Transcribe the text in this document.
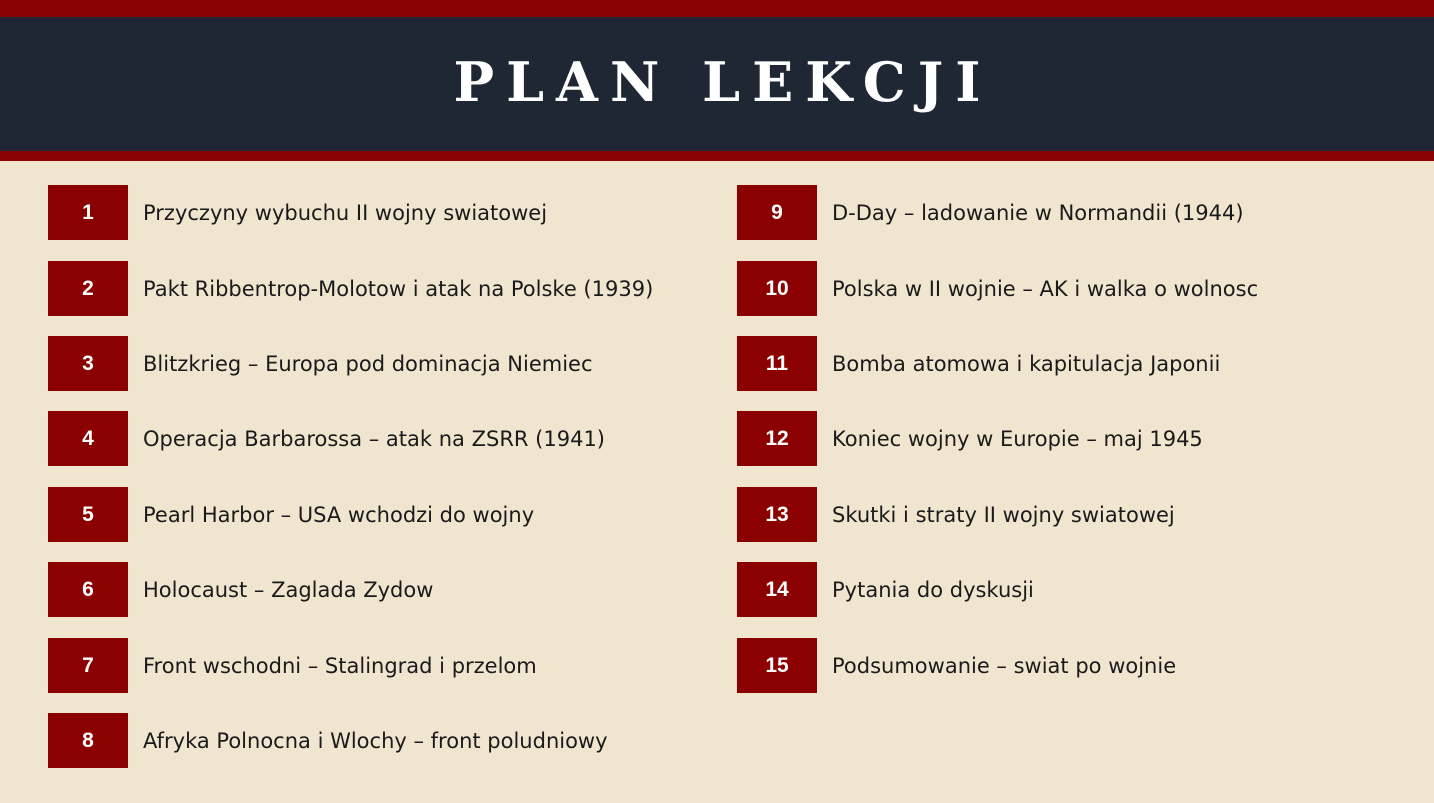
PLAN LEKCJI
1	Przyczyny wybuchu II wojny swiatowej
2	Pakt Ribbentrop-Molotow i atak na Polske (1939)
3	Blitzkrieg – Europa pod dominacja Niemiec
4	Operacja Barbarossa – atak na ZSRR (1941)
5	Pearl Harbor – USA wchodzi do wojny
6	Holocaust – Zaglada Zydow
7	Front wschodni – Stalingrad i przelom
8	Afryka Polnocna i Wlochy – front poludniowy
9	D-Day – ladowanie w Normandii (1944)
10	Polska w II wojnie – AK i walka o wolnosc
11	Bomba atomowa i kapitulacja Japonii
12	Koniec wojny w Europie – maj 1945
13	Skutki i straty II wojny swiatowej
14	Pytania do dyskusji
15	Podsumowanie – swiat po wojnie
